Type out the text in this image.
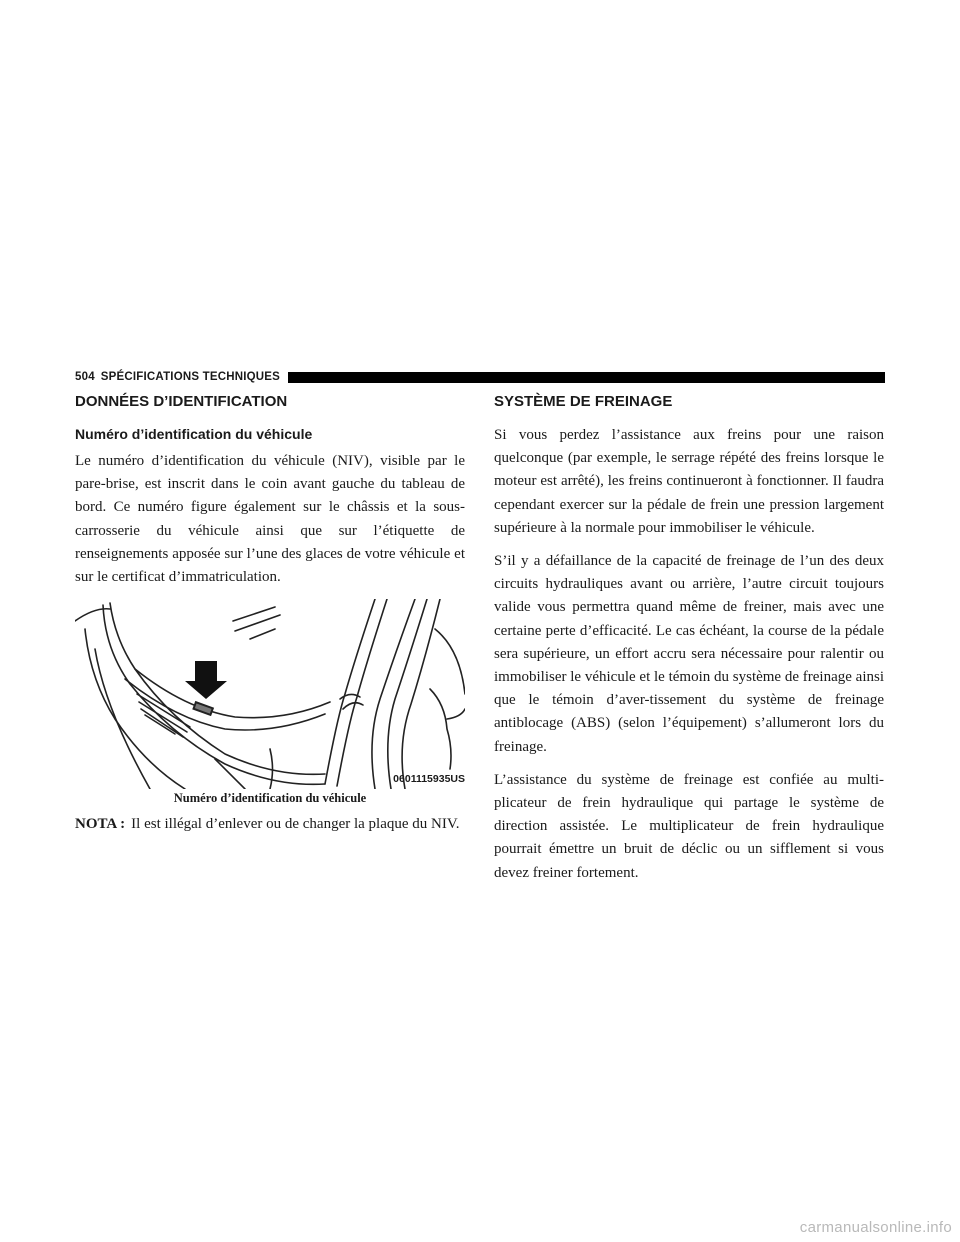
504 SPÉCIFICATIONS TECHNIQUES
DONNÉES D’IDENTIFICATION
Numéro d’identification du véhicule

Le numéro d’identification du véhicule (NIV), visible par le pare-brise, est inscrit dans le coin avant gauche du tableau de bord. Ce numéro figure également sur le châssis et la sous-carrosserie du véhicule ainsi que sur l’étiquette de renseignements apposée sur l’une des glaces de votre véhicule et sur le certificat d’immatriculation.

0601115935US
Numéro d’identification du véhicule

NOTA : Il est illégal d’enlever ou de changer la plaque du NIV.

SYSTÈME DE FREINAGE

Si vous perdez l’assistance aux freins pour une raison quelconque (par exemple, le serrage répété des freins lorsque le moteur est arrêté), les freins continueront à fonctionner. Il faudra cependant exercer sur la pédale de frein une pression largement supérieure à la normale pour immobiliser le véhicule.

S’il y a défaillance de la capacité de freinage de l’un des deux circuits hydrauliques avant ou arrière, l’autre circuit toujours valide vous permettra quand même de freiner, mais avec une certaine perte d’efficacité. Le cas échéant, la course de la pédale sera supérieure, un effort accru sera nécessaire pour ralentir ou immobiliser le véhicule et le témoin du système de freinage ainsi que le témoin d’aver-tissement du système de freinage antiblocage (ABS) (selon l’équipement) s’allumeront lors du freinage.

L’assistance du système de freinage est confiée au multi-plicateur de frein hydraulique qui partage le système de direction assistée. Le multiplicateur de frein hydraulique pourrait émettre un bruit de déclic ou un sifflement si vous devez freiner fortement.

carmanualsonline.info
